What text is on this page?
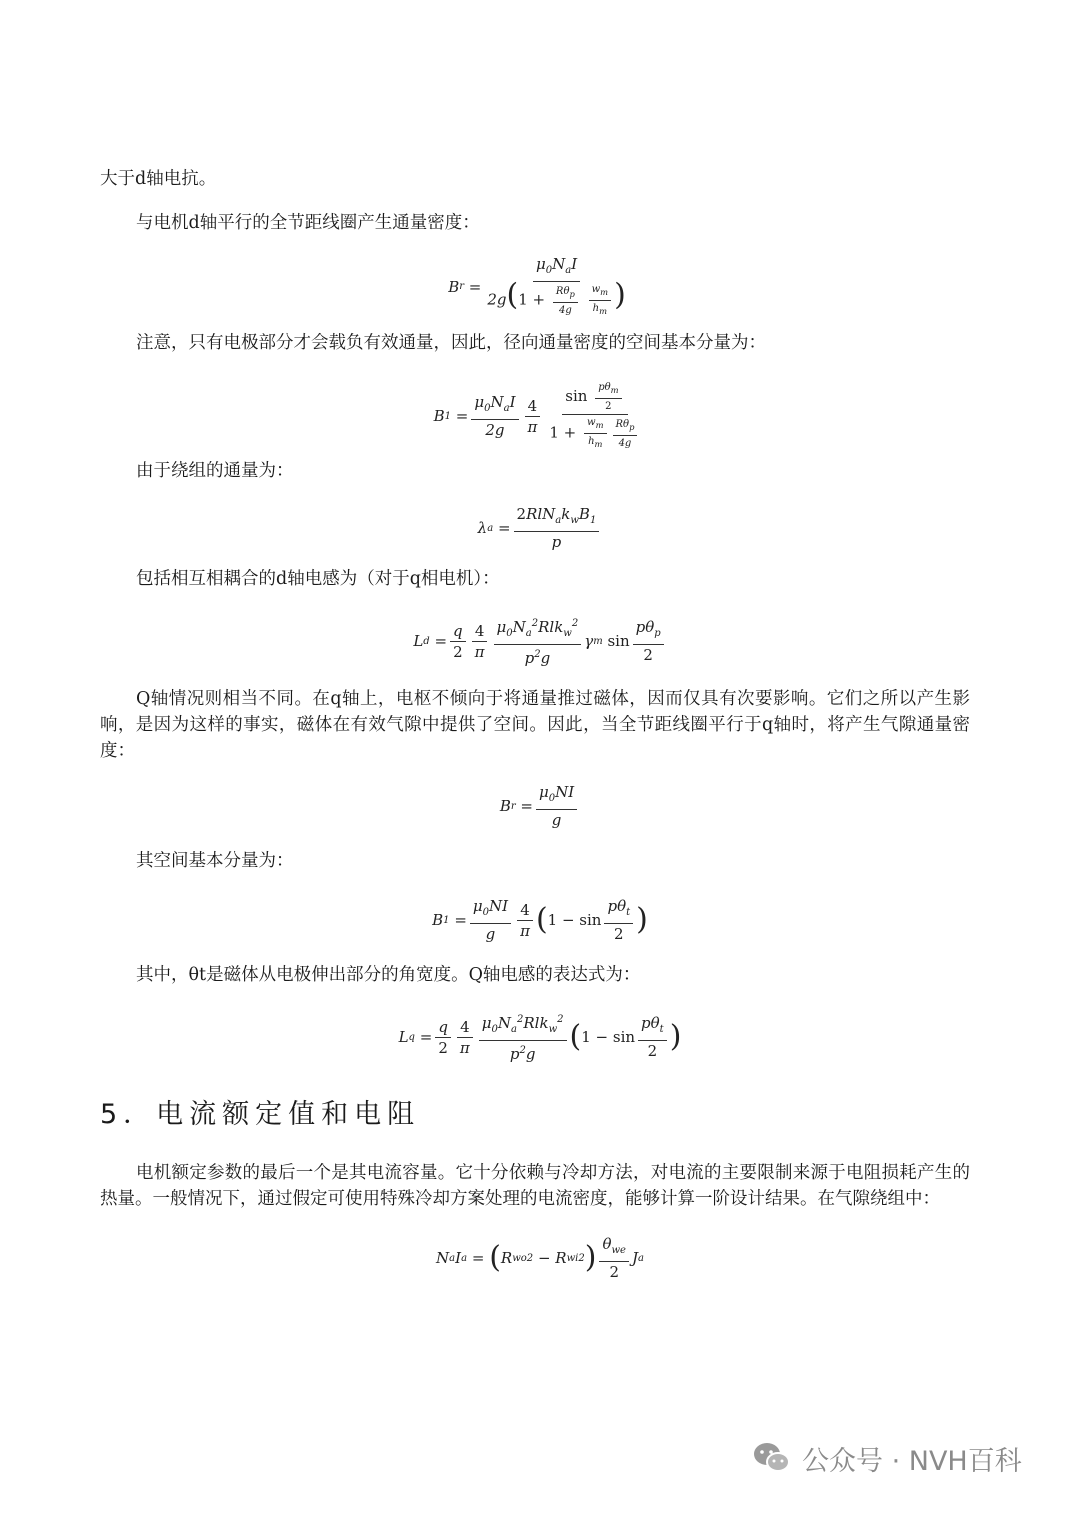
大于d轴电抗。

与电机d轴平行的全节距线圈产生通量密度：

B r
= $\mu_0N_aI$
$2g(1 + \frac{R\theta_p}{4g}$
$\frac{w_m}{h_m}$ )

注意，只有电极部分才会载负有效通量，因此，径向通量密度的空间基本分量为：

B 1
= $\frac{\mu_0N_aI}{2g} \frac{4}{\pi} \frac{\sin \frac{p\theta_m}{2}}{1 + \frac{w_m}{h_m} \frac{R\theta_p}{4g}}$

由于绕组的通量为：

λ a
= $\frac{2RlN_ak_wB_1}{p}$

包括相互相耦合的d轴电感为（对于q相电机）：

L d
= $\frac{q}{2} \frac{4}{\pi} \frac{\mu_0N_a^2Rlk_w^2}{p^2g}$ γ m
$\sin \frac{p\theta_p}{2}$

Q轴情况则相当不同。在q轴上，电枢不倾向于将通量推过磁体，因而仅具有次要影响。它们之所以产生影响，是因为这样的事实，磁体在有效气隙中提供了空间。因此，当全节距线圈平行于q轴时，将产生气隙通量密度：

B r
= $\frac{\mu_0NI}{g}$

其空间基本分量为：

B 1
= $\frac{\mu_0NI}{g} \frac{4}{\pi}$ ( $1 - \sin \frac{p\theta_t}{2}$ )

其中，θt是磁体从电极伸出部分的角宽度。Q轴电感的表达式为：

L q
= $\frac{q}{2} \frac{4}{\pi} \frac{\mu_0N_a^2Rlk_w^2}{p^2g}$ ( $1 - \sin \frac{p\theta_t}{2}$ )
5．电流额定值和电阻

电机额定参数的最后一个是其电流容量。它十分依赖与冷却方法，对电流的主要限制来源于电阻损耗产生的热量。一般情况下，通过假定可使用特殊冷却方案处理的电流密度，能够计算一阶设计结果。在气隙绕组中：

N a I a
=
( R wo 2
− R wi 2 ) $\frac{\theta_{we}}{2}$ J a
公众号 · NVH百科
